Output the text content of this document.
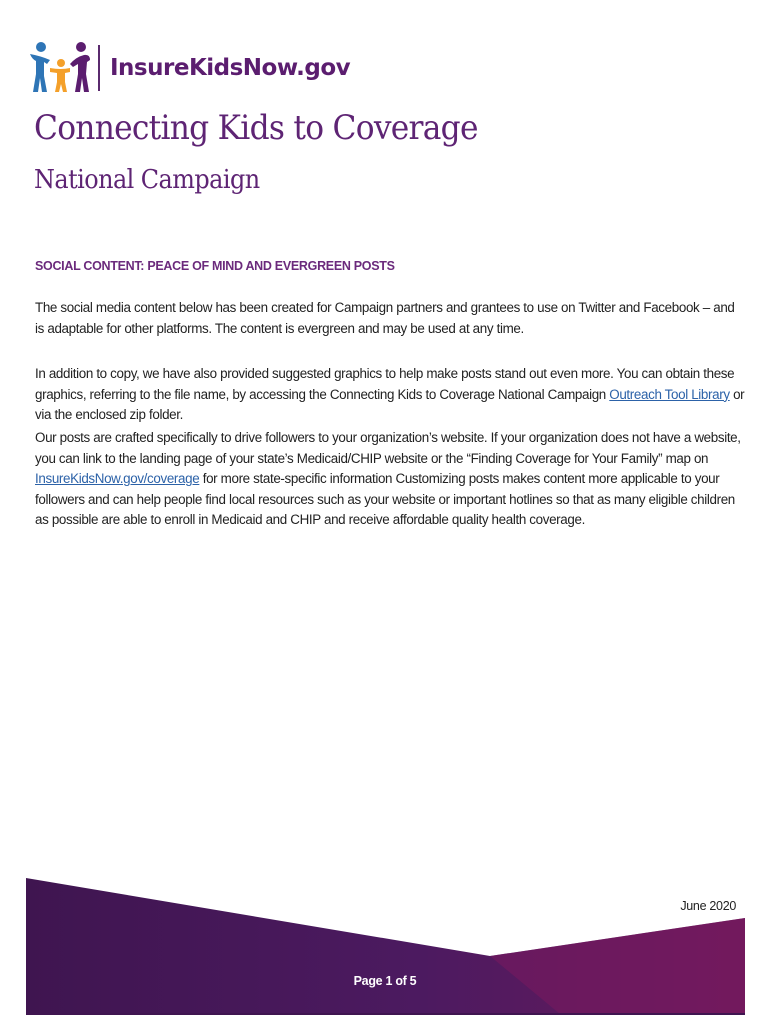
InsureKidsNow.gov
Connecting Kids to Coverage
National Campaign
SOCIAL CONTENT: PEACE OF MIND AND EVERGREEN POSTS

The social media content below has been created for Campaign partners and grantees to use on Twitter and Facebook – and is adaptable for other platforms. The content is evergreen and may be used at any time.

In addition to copy, we have also provided suggested graphics to help make posts stand out even more. You can obtain these graphics, referring to the file name, by accessing the Connecting Kids to Coverage National Campaign Outreach Tool Library or via the enclosed zip folder.

Our posts are crafted specifically to drive followers to your organization’s website. If your organization does not have a website, you can link to the landing page of your state’s Medicaid/CHIP website or the “Finding Coverage for Your Family” map on InsureKidsNow.gov/coverage for more state-specific information Customizing posts makes content more applicable to your followers and can help people find local resources such as your website or important hotlines so that as many eligible children as possible are able to enroll in Medicaid and CHIP and receive affordable quality health coverage.

June 2020
Page 1 of 5
